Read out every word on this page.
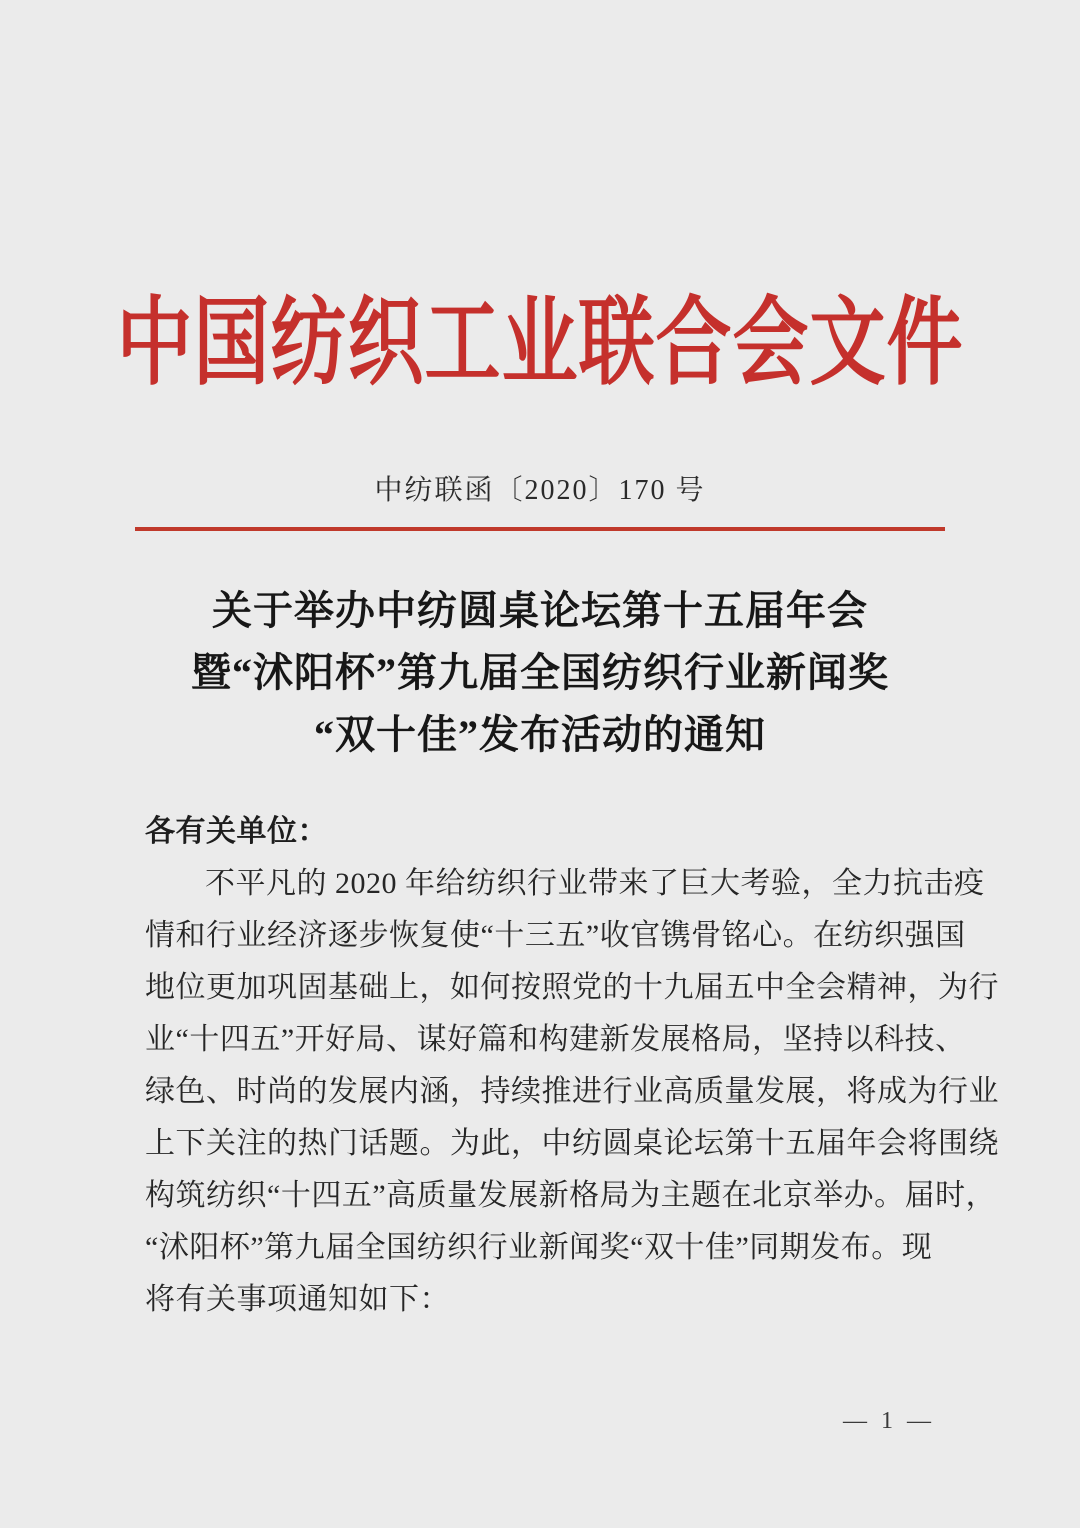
中国纺织工业联合会文件
中纺联函〔2020〕170 号
关于举办中纺圆桌论坛第十五届年会
暨“沭阳杯”第九届全国纺织行业新闻奖
“双十佳”发布活动的通知
各有关单位：
不平凡的 2020 年给纺织行业带来了巨大考验，全力抗击疫
情和行业经济逐步恢复使“十三五”收官镌骨铭心。在纺织强国
地位更加巩固基础上，如何按照党的十九届五中全会精神，为行
业“十四五”开好局、谋好篇和构建新发展格局，坚持以科技、
绿色、时尚的发展内涵，持续推进行业高质量发展，将成为行业
上下关注的热门话题。为此，中纺圆桌论坛第十五届年会将围绕
构筑纺织“十四五”高质量发展新格局为主题在北京举办。届时，
“沭阳杯”第九届全国纺织行业新闻奖“双十佳”同期发布。现
将有关事项通知如下：
— 1 —
